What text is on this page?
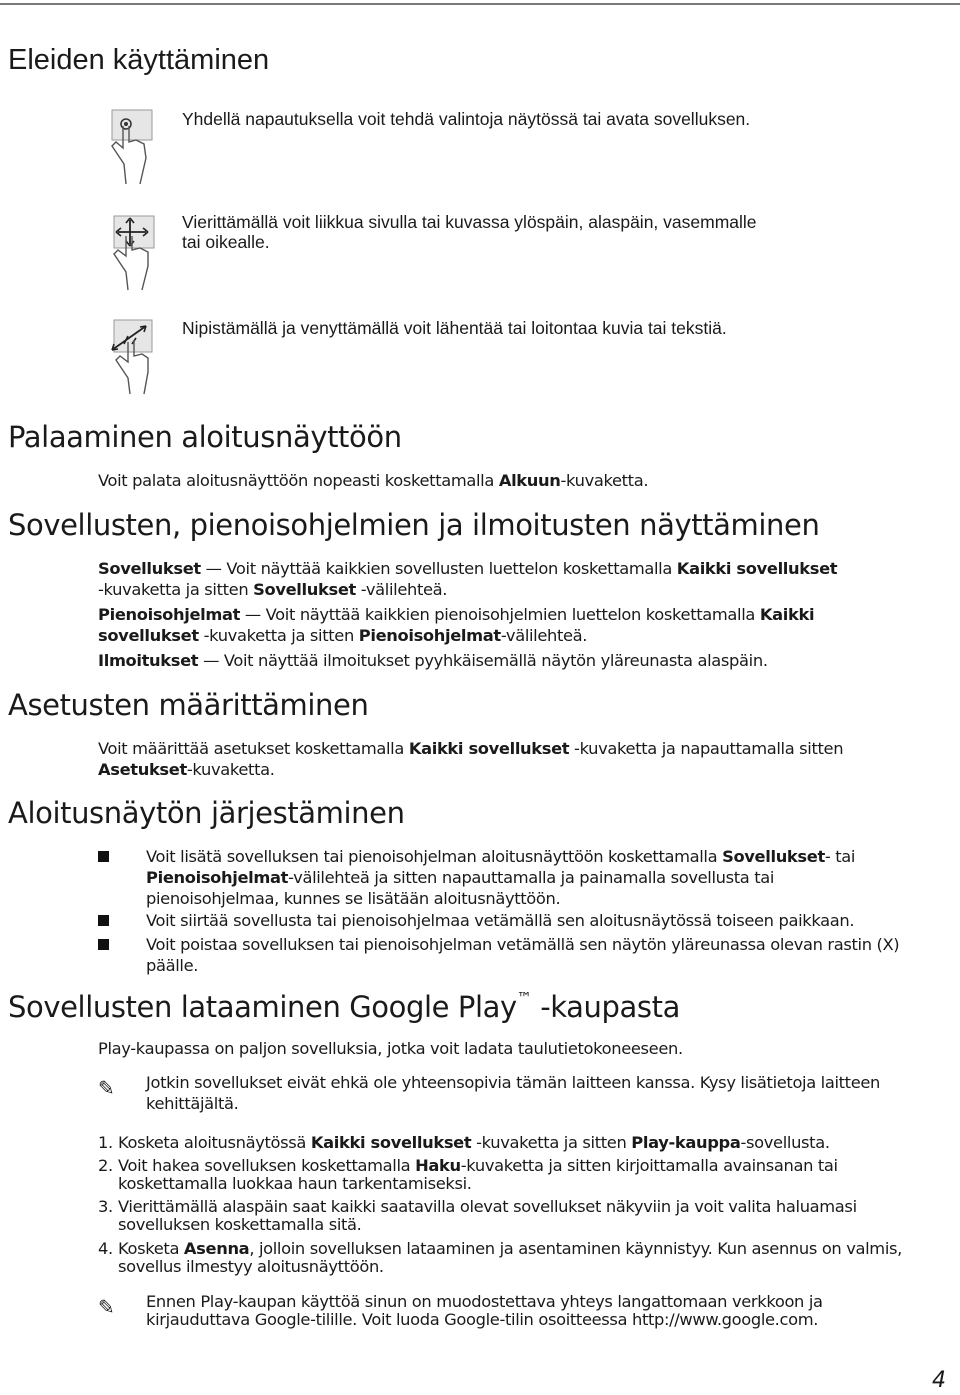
Eleiden käyttäminen
Yhdellä napautuksella voit tehdä valintoja näytössä tai avata sovelluksen.
Vierittämällä voit liikkua sivulla tai kuvassa ylöspäin, alaspäin, vasemmalle
tai oikealle.
Nipistämällä ja venyttämällä voit lähentää tai loitontaa kuvia tai tekstiä.
Palaaminen aloitusnäyttöön
Voit palata aloitusnäyttöön nopeasti koskettamalla Alkuun-kuvaketta.
Sovellusten, pienoisohjelmien ja ilmoitusten näyttäminen
Sovellukset — Voit näyttää kaikkien sovellusten luettelon koskettamalla Kaikki sovellukset
-kuvaketta ja sitten Sovellukset -välilehteä.
Pienoisohjelmat — Voit näyttää kaikkien pienoisohjelmien luettelon koskettamalla Kaikki
sovellukset -kuvaketta ja sitten Pienoisohjelmat-välilehteä.
Ilmoitukset — Voit näyttää ilmoitukset pyyhkäisemällä näytön yläreunasta alaspäin.
Asetusten määrittäminen
Voit määrittää asetukset koskettamalla Kaikki sovellukset -kuvaketta ja napauttamalla sitten
Asetukset-kuvaketta.
Aloitusnäytön järjestäminen
Voit lisätä sovelluksen tai pienoisohjelman aloitusnäyttöön koskettamalla Sovellukset- tai
Pienoisohjelmat-välilehteä ja sitten napauttamalla ja painamalla sovellusta tai
pienoisohjelmaa, kunnes se lisätään aloitusnäyttöön.
Voit siirtää sovellusta tai pienoisohjelmaa vetämällä sen aloitusnäytössä toiseen paikkaan.
Voit poistaa sovelluksen tai pienoisohjelman vetämällä sen näytön yläreunassa olevan rastin (X)
päälle.
Sovellusten lataaminen Google Play™ -kaupasta
Play-kaupassa on paljon sovelluksia, jotka voit ladata taulutietokoneeseen.
✎ Jotkin sovellukset eivät ehkä ole yhteensopivia tämän laitteen kanssa. Kysy lisätietoja laitteen
kehittäjältä.
1. Kosketa aloitusnäytössä Kaikki sovellukset -kuvaketta ja sitten Play-kauppa-sovellusta.
2. Voit hakea sovelluksen koskettamalla Haku-kuvaketta ja sitten kirjoittamalla avainsanan tai
koskettamalla luokkaa haun tarkentamiseksi.
3. Vierittämällä alaspäin saat kaikki saatavilla olevat sovellukset näkyviin ja voit valita haluamasi
sovelluksen koskettamalla sitä.
4. Kosketa Asenna, jolloin sovelluksen lataaminen ja asentaminen käynnistyy. Kun asennus on valmis,
sovellus ilmestyy aloitusnäyttöön.
✎ Ennen Play-kaupan käyttöä sinun on muodostettava yhteys langattomaan verkkoon ja
kirjauduttava Google-tilille. Voit luoda Google-tilin osoitteessa http://www.google.com.
4
